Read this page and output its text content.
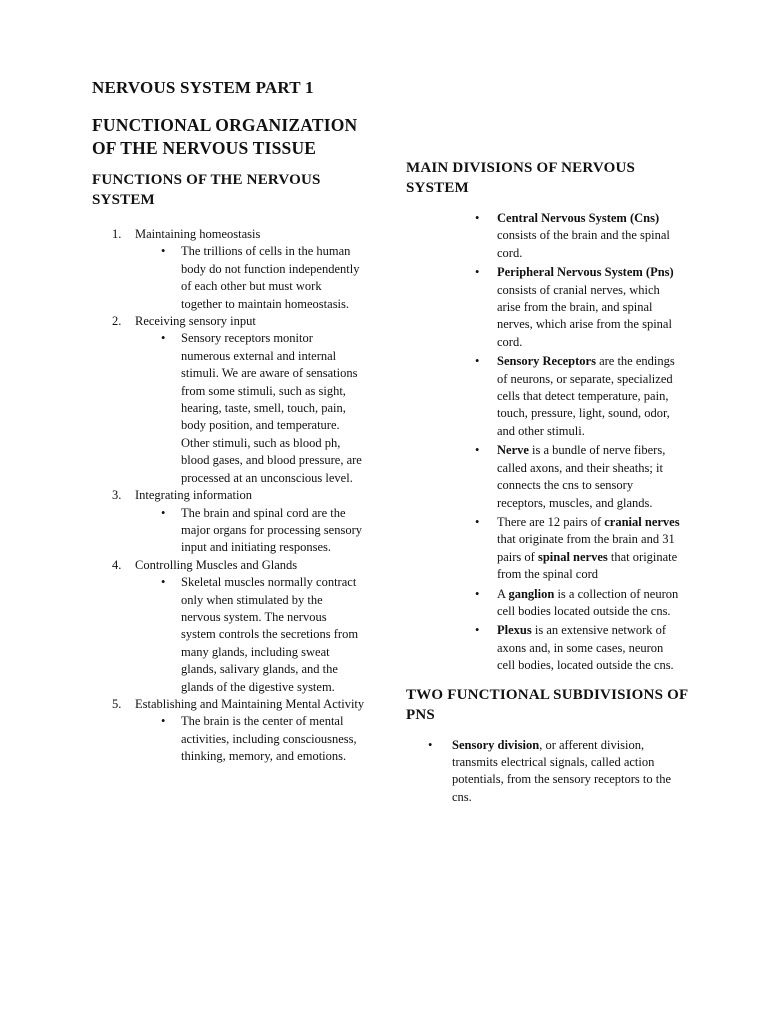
NERVOUS SYSTEM PART 1
FUNCTIONAL ORGANIZATION OF THE NERVOUS TISSUE
FUNCTIONS OF THE NERVOUS SYSTEM
1. Maintaining homeostasis
• The trillions of cells in the human body do not function independently of each other but must work together to maintain homeostasis.
2. Receiving sensory input
• Sensory receptors monitor numerous external and internal stimuli. We are aware of sensations from some stimuli, such as sight, hearing, taste, smell, touch, pain, body position, and temperature. Other stimuli, such as blood ph, blood gases, and blood pressure, are processed at an unconscious level.
3. Integrating information
• The brain and spinal cord are the major organs for processing sensory input and initiating responses.
4. Controlling Muscles and Glands
• Skeletal muscles normally contract only when stimulated by the nervous system. The nervous system controls the secretions from many glands, including sweat glands, salivary glands, and the glands of the digestive system.
5. Establishing and Maintaining Mental Activity
• The brain is the center of mental activities, including consciousness, thinking, memory, and emotions.
MAIN DIVISIONS OF NERVOUS SYSTEM
• Central Nervous System (Cns) consists of the brain and the spinal cord.
• Peripheral Nervous System (Pns) consists of cranial nerves, which arise from the brain, and spinal nerves, which arise from the spinal cord.
• Sensory Receptors are the endings of neurons, or separate, specialized cells that detect temperature, pain, touch, pressure, light, sound, odor, and other stimuli.
• Nerve is a bundle of nerve fibers, called axons, and their sheaths; it connects the cns to sensory receptors, muscles, and glands.
• There are 12 pairs of cranial nerves that originate from the brain and 31 pairs of spinal nerves that originate from the spinal cord
• A ganglion is a collection of neuron cell bodies located outside the cns.
• Plexus is an extensive network of axons and, in some cases, neuron cell bodies, located outside the cns.
TWO FUNCTIONAL SUBDIVISIONS OF PNS
• Sensory division, or afferent division, transmits electrical signals, called action potentials, from the sensory receptors to the cns.
